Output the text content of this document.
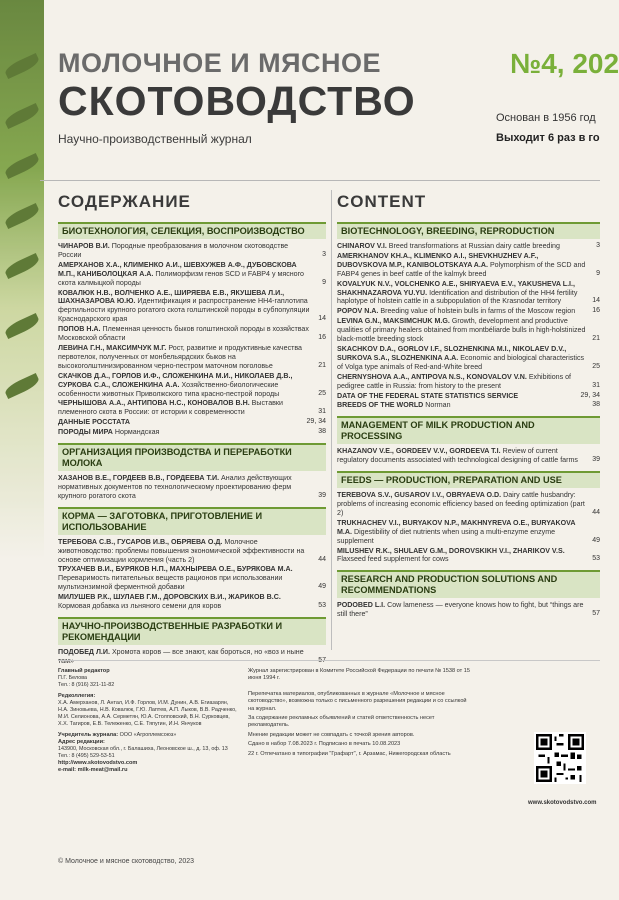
МОЛОЧНОЕ И МЯСНОЕ
СКОТОВОДСТВО
Научно-производственный журнал
№4, 202
Основан в 1956 год
Выходит 6 раз в го
СОДЕРЖАНИЕ
БИОТЕХНОЛОГИЯ, СЕЛЕКЦИЯ, ВОСПРОИЗВОДСТВО
ЧИНАРОВ В.И. Породные преобразования в молочном скотоводстве России	3
АМЕРХАНОВ Х.А., КЛИМЕНКО А.И., ШЕВХУЖЕВ А.Ф., ДУБОВСКОВА М.П., КАНИБОЛОЦКАЯ А.А. Полиморфизм генов SCD и FABP4 у мясного скота калмыцкой породы	9
КОВАЛЮК Н.В., ВОЛЧЕНКО А.Е., ШИРЯЕВА Е.В., ЯКУШЕВА Л.И., ШАХНАЗАРОВА Ю.Ю. Идентификация и распространение HH4-гаплотипа фертильности крупного рогатого скота голштинской породы в субпопуляции Краснодарского края	14
ПОПОВ Н.А. Племенная ценность быков голштинской породы в хозяйствах Московской области	16
ЛЕВИНА Г.Н., МАКСИМЧУК М.Г. Рост, развитие и продуктивные качества первотелок, полученных от монбельярдских быков на высокоголштинизированном черно-пестром маточном поголовье	21
СКАЧКОВ Д.А., ГОРЛОВ И.Ф., СЛОЖЕНКИНА М.И., НИКОЛАЕВ Д.В., СУРКОВА С.А., СЛОЖЕНКИНА А.А. Хозяйственно-биологические особенности животных Приволжского типа красно-пестрой породы	25
ЧЕРНЫШОВА А.А., АНТИПОВА Н.С., КОНОВАЛОВ В.Н. Выставки племенного скота в России: от истории к современности	31
ДАННЫЕ РОССТАТА	29, 34
ПОРОДЫ МИРА Нормандская	38
ОРГАНИЗАЦИЯ ПРОИЗВОДСТВА И ПЕРЕРАБОТКИ МОЛОКА
ХАЗАНОВ В.Е., ГОРДЕЕВ В.В., ГОРДЕЕВА Т.И. Анализ действующих нормативных документов по технологическому проектированию ферм крупного рогатого скота	39
КОРМА — ЗАГОТОВКА, ПРИГОТОВЛЕНИЕ И ИСПОЛЬЗОВАНИЕ
ТЕРЕБОВА С.В., ГУСАРОВ И.В., ОБРЯЕВА О.Д. Молочное животноводство: проблемы повышения экономической эффективности на основе оптимизации кормления (часть 2)	44
ТРУХАЧЕВ В.И., БУРЯКОВ Н.П., МАХНЫРЕВА О.Е., БУРЯКОВА М.А. Переваримость питательных веществ рационов при использовании мультиэнзимной ферментной добавки	49
МИЛУШЕВ Р.К., ШУЛАЕВ Г.М., ДОРОВСКИХ В.И., ЖАРИКОВ В.С. Кормовая добавка из льняного семени для коров	53
НАУЧНО-ПРОИЗВОДСТВЕННЫЕ РАЗРАБОТКИ И РЕКОМЕНДАЦИИ
ПОДОБЕД Л.И. Хромота коров — все знают, как бороться, но «воз и ныне
CONTENT
BIOTECHNOLOGY, BREEDING, REPRODUCTION
CHINAROV V.I. Breed transformations at Russian dairy cattle breeding	3
AMERKHANOV KH.A., KLIMENKO A.I., SHEVKHUZHEV A.F., DUBOVSKOVA M.P., KANIBOLOTSKAYA A.A. Polymorphism of the SCD and FABP4 genes in beef cattle of the kalmyk breed	9
KOVALYUK N.V., VOLCHENKO A.E., SHIRYAEVA E.V., YAKUSHEVA L.I., SHAKHNAZAROVA YU.YU. Identification and distribution of the HH4 fertility haplotype of holstein cattle in a subpopulation of the Krasnodar territory	14
POPOV N.A. Breeding value of holstein bulls in farms of the Moscow region 16
LEVINA G.N., MAKSIMCHUK M.G. Growth, development and productive qualities of primary healers obtained from montbéliarde bulls in high-holstinized black-mottle breeding stock	21
SKACHKOV D.A., GORLOV I.F., SLOZHENKINA M.I., NIKOLAEV D.V., SURKOVA S.A., SLOZHENKINA A.A. Economic and biological characteristics of Volga type animals of Red-and-White breed	25
CHERNYSHOVA A.A., ANTIPOVA N.S., KONOVALOV V.N. Exhibitions of pedigree cattle in Russia: from history to the present	31
DATA OF THE FEDERAL STATE STATISTICS SERVICE	29, 34
BREEDS OF THE WORLD Norman	38
MANAGEMENT OF MILK PRODUCTION AND PROCESSING
KHAZANOV V.E., GORDEEV V.V., GORDEEVA T.I. Review of current regulatory documents associated with technological designing of cattle farms 39
FEEDS — PRODUCTION, PREPARATION AND USE
TEREBOVA S.V., GUSAROV I.V., OBRYAEVA O.D. Dairy cattle husbandry: problems of increasing economic efficiency based on feeding optimization (part 2)	44
TRUKHACHEV V.I., BURYAKOV N.P., MAKHNYREVA O.E., BURYAKOVA M.A. Digestibility of diet nutrients when using a multi-enzyme enzyme supplement	49
MILUSHEV R.K., SHULAEV G.M., DOROVSKIKH V.I., ZHARIKOV V.S. Flaxseed feed supplement for cows	53
RESEARCH AND PRODUCTION SOLUTIONS AND RECOMMENDATIONS
PODOBED L.I. Cow lameness — everyone knows how to fight, but “things are still there”	57
Главный редактор
П.Г. Белова
Тел.: 8 (916) 321-11-82
Редколлегия:
Х.А. Амерханов, Л. Антал, И.Ф. Горлов, И.М. Дунин, А.В. Егиазарян, Н.А. Зиновьева, Н.В. Ковалюк, Г.Ю. Лаптев, А.П. Лыков, В.В. Радченко, М.И. Селионова, А.А. Серметян, Ю.А. Столповский, В.Н. Сурковцев, Х.Х. Тагиров, Е.В. Тележенко, С.Е. Тяпугин, И.Н. Янчуков
Учредитель журнала: ООО «Агроплемсоюз»
Адрес редакции:
143900, Московская обл., г. Балашиха, Леоновское ш., д. 13, оф. 13
Тел.: 8 (495) 529-53-51
http://www.skotovodstvo.com
e-mail: milk-meat@mail.ru

Журнал зарегистрирован в Комитете Российской Федерации по печати № 1538 от 15 июня 1994 г.

Перепечатка материалов, опубликованных в журнале «Молочное и мясное скотоводство», возможна только с письменного разрешения редакции и со ссылкой на журнал.

За содержание рекламных объявлений и статей ответственность несет рекламодатель.

Мнение редакции может не совпадать с точкой зрения авторов.

Сдано в набор 7.08.2023 г. Подписано в печать 10.08.2023

22 г. Отпечатано в типографии "Графарт", г. Арзамас, Нижегородская область

www.skotovodstvo.com
© Молочное и мясное скотоводство, 2023
